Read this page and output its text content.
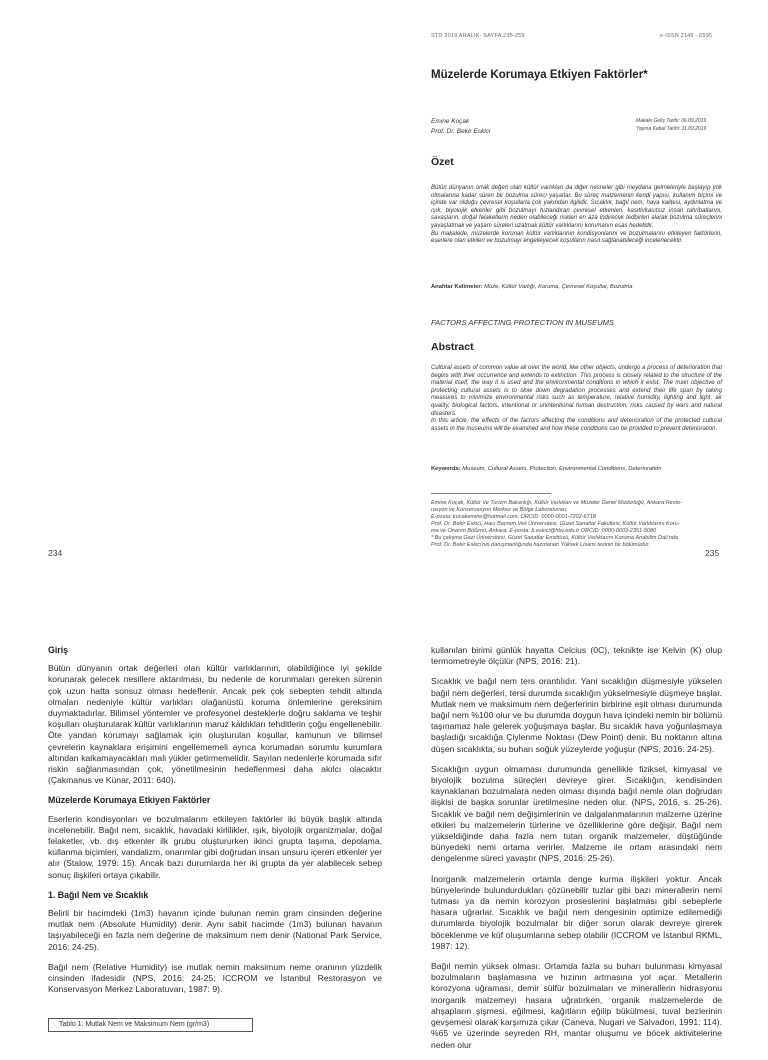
STD 2019 ARALIK- SAYFA 235-259	e-ISSN 2149 - 6595
Müzelerde Korumaya Etkiyen Faktörler*
Emine Koçak
Prof. Dr. Bekir Eskici
Makale Geliş Tarihi: 06.09.2019
Yayına Kabul Tarihi: 11.09.2019
Özet
Bütün dünyanın ortak değeri olan kültür varlıkları da diğer nesneler gibi meydana gelmeleriyle başlayıp yok olmalarına kadar süren bir bozulma süreci yaşarlar. Bu süreç malzemenin kendi yapısı, kullanım biçimi ve içinde var olduğu çevresel koşullarla çok yakından ilgilidir. Sıcaklık, bağıl nem, hava kalitesi, aydınlatma ve ışık, biyolojik etkenler gibi bozulmayı hızlandıran çevresel etkenleri, kasıtlı/kasıtsız insan tahribatlarını, savaşların, doğal felaketlerin neden olabileceği riskleri en aza indirecek tedbirleri alarak bozulma süreçlerini yavaşlatmak ve yaşam süreleri uzatmak kültür varlıklarını korumanın esas hedefidir.
Bu makalede, müzelerde korunan kültür varlıklarının kondisyonlarını ve bozulmalarını etkileyen faktörlerin, eserlere olan etkileri ve bozulmayı engelleyecek koşulların nasıl sağlanabileceği incelenecektir.
Anahtar Kelimeler: Müze, Kültür Varlığı, Koruma, Çevresel Koşullar, Bozulma
FACTORS AFFECTING PROTECTION IN MUSEUMS
Abstract
Cultural assets of common value all over the world, like other objects, undergo a process of deterioration that begins with their occurrence and extends to extinction. This process is closely related to the structure of the material itself, the way it is used and the environmental conditions in which it exist. The main objective of protecting cultural assets is to slow down degradation processes and extend their life span by taking measures to minimize environmental risks such as temperature, relative humidity, lighting and light, air quality, biological factors, intentional or unintentional human destruction, risks caused by wars and natural disasters.
In this article, the effects of the factors affecting the conditions and deterioration of the protected cultural assets in the museums will be examined and how these conditions can be provided to prevent deterioration.
Keywords: Museum, Cultural Assets, Protection, Environmental Conditions, Deterioration
Emine Koçak, Kültür Ve Turizm Bakanlığı, Kültür Varlıkları ve Müzeler Genel Müdürlüğü, Ankara Resto-
rasyon ve Konservasyon Merkez ve Bölge Laboratuvarı.
E-posta: kocakemine@hotmail.com. ORCID: 0000-0001-7202-6718
Prof. Dr. Bekir Eskici, Hacı Bayram Veli Üniversitesi, Güzel Sanatlar Fakültesi, Kültür Varlıklarını Koru-
ma ve Onarım Bölümü, Ankara, E-posta: b.eskici@hbv.edu.tr ORCID: 0000-0003-2351-5080
* Bu çalışma Gazi Üniversitesi, Güzel Sanatlar Enstitüsü, Kültür Varlıklarını Koruma Anabilim Dalı'nda
Prof. Dr. Bekir Eskici'nin danışmanlığında hazırlanan Yüksek Lisans tezinin bir bölümüdür.
234	235
Giriş

Bütün dünyanın ortak değerleri olan kültür varlıklarının, olabildiğince iyi şekilde korunarak gelecek nesillere aktarılması, bu nedenle de korunmaları gereken sürenin çok uzun hatta sonsuz olması hedeflenir. Ancak pek çok sebepten tehdit altında olmaları nedeniyle kültür varlıkları olağanüstü koruma önlemlerine gereksinim duymaktadırlar. Bilimsel yöntemler ve profesyonel desteklerle doğru saklama ve teşhir koşulları oluşturularak kültür varlıklarının maruz kaldıkları tehditlerin çoğu engellenebilir. Öte yandan korumayı sağlamak için oluşturulan koşullar, kamunun ve bilimsel çevrelerin kaynaklara erişimini engellememeli ayrıca korumadan sorumlu kurumlara altından kalkamayacakları mali yükler getirmemelidir. Sayılan nedenlerle korumada sıfır riskin sağlanmasından çok, yönetilmesinin hedeflenmesi daha akılcı olacaktır (Çakmanus ve Künar, 2011: 640).

Müzelerde Korumaya Etkiyen Faktörler

Eserlerin kondisyonları ve bozulmalarını etkileyen faktörler iki büyük başlık altında incelenebilir. Bağıl nem, sıcaklık, havadaki kirlilikler, ışık, biyolojik organizmalar, doğal felaketler, vb. dış etkenler ilk grubu oluştururken ikinci grupta taşıma, depolama, kullanma biçimleri, vandalizm, onarımlar gibi doğrudan insan unsuru içeren etkenler yer alır (Stalow, 1979: 15). Ancak bazı durumlarda her iki grupta da yer alabilecek sebep sonuç ilişkileri ortaya çıkabilir.

1. Bağıl Nem ve Sıcaklık

Belirli bir hacimdeki (1m3) havanın içinde bulunan nemin gram cinsinden değerine mutlak nem (Absolute Humidity) denir. Aynı sabit hacimde (1m3) bulunan havanın taşıyabileceği en fazla nem değerine de maksimum nem denir (National Park Service, 2016: 24-25).

Bağıl nem (Relative Humidity) ise mutlak nemin maksimum neme oranının yüzdelik cinsinden ifadesidir (NPS, 2016: 24-25; ICCROM ve İstanbul Restorasyon ve Konservasyon Merkez Laboratuvarı, 1987: 9).

Tablo 1: Mutlak Nem ve Maksimum Nem (gr/m3)

kullanılan birimi günlük hayatta Celcius (0C), teknikte ise Kelvin (K) olup termometreyle ölçülür (NPS, 2016: 21).

Sıcaklık ve bağıl nem ters orantılıdır. Yani sıcaklığın düşmesiyle yükselen bağıl nem değerleri, tersi durumda sıcaklığın yükselmesiyle düşmeye başlar. Mutlak nem ve maksimum nem değerlerinin birbirine eşit olması durumunda bağıl nem %100 olur ve bu durumda doygun hava içindeki nemin bir bölümü taşınamaz hale gelerek yoğuşmaya başlar. Bu sıcaklık hava yoğunlaşmaya başladığı sıcaklığa Çiylenme Noktası (Dew Point) denir. Bu noktanın altına düşen sıcaklıkta, su buharı soğuk yüzeylerde yoğuşur (NPS, 2016: 24-25).

Sıcaklığın uygun olmaması durumunda genellikle fiziksel, kimyasal ve biyolojik bozulma süreçleri devreye girer. Sıcaklığın, kendisinden kaynaklanan bozulmalara neden olması dışında bağıl nemle olan doğrudan ilişkisi de başka sorunlar üretilmesine neden olur. (NPS, 2016, s. 25-26). Sıcaklık ve bağıl nem değişimlerinin ve dalgalanmalarının malzeme üzerine etkileri bu malzemelerin türlerine ve özelliklerine göre değişir. Bağıl nem yükseldiğinde daha fazla nem tutan organik malzemeler, düştüğünde bünyedeki nemi ortama verirler. Malzeme ile ortam arasındaki nem dengelenme süreci yavaştır (NPS, 2016: 25-26).

İnorganik malzemelerin ortamla denge kurma ilişkileri yoktur. Ancak bünyelerinde bulundurdukları çözünebilir tuzlar gibi bazı minerallerin nemi tutması ya da nemin korozyon proseslerini başlatması gibi sebeplerle hasara uğrarlar. Sıcaklık ve bağıl nem dengesinin optimize edilemediği durumlarda biyolojik bozulmalar bir diğer sorun olarak devreye girerek böceklenme ve küf oluşumlarına sebep olabilir (ICCROM ve İstanbul RKML, 1987: 12).

Bağıl nemin yüksek olması: Ortamda fazla su buharı bulunması kimyasal bozulmaların başlamasına ve hızının artmasına yol açar. Metallerin korozyona uğraması, demir sülfür bozulmaları ve minerallerin hidrasyonu inorganik malzemeyi hasara uğratırken, organik malzemelerde de ahşapların şişmesi, eğilmesi, kağıtların eğilip bükülmesi, tuval bezlerinin gevşemesi olarak karşımıza çıkar (Caneva, Nugari ve Salvadori, 1991: 114). %65 ve üzerinde seyreden RH, mantar oluşumu ve böcek aktivitelerine neden olur
